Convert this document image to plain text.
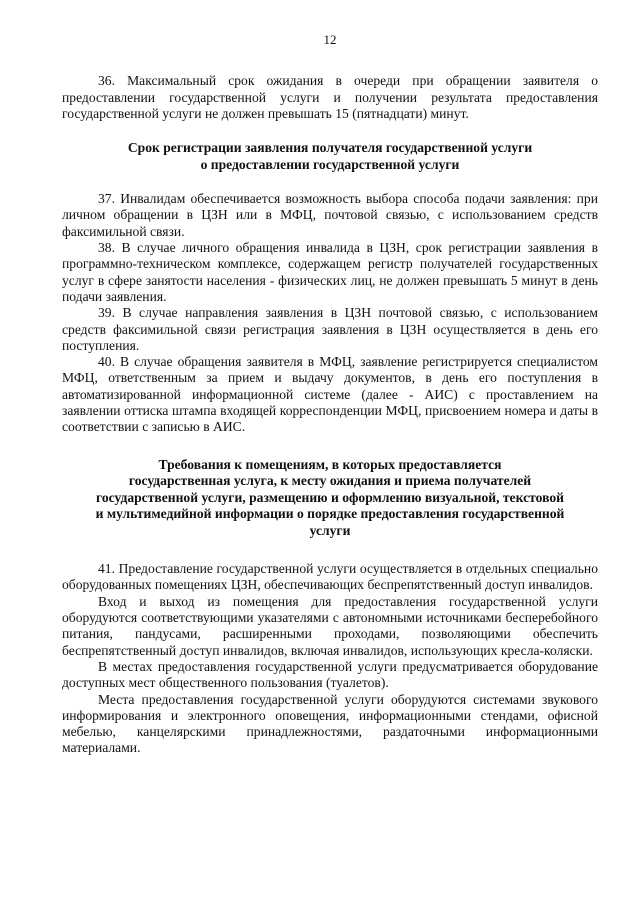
12

36. Максимальный срок ожидания в очереди при обращении заявителя о предоставлении государственной услуги и получении результата предоставления государственной услуги не должен превышать 15 (пятнадцати) минут.

Срок регистрации заявления получателя государственной услуги
о предоставлении государственной услуги

37. Инвалидам обеспечивается возможность выбора способа подачи заявления: при личном обращении в ЦЗН или в МФЦ, почтовой связью, с использованием средств факсимильной связи.

38. В случае личного обращения инвалида в ЦЗН, срок регистрации заявления в программно-техническом комплексе, содержащем регистр получателей государственных услуг в сфере занятости населения - физических лиц, не должен превышать 5 минут в день подачи заявления.

39. В случае направления заявления в ЦЗН почтовой связью, с использованием средств факсимильной связи регистрация заявления в ЦЗН осуществляется в день его поступления.

40. В случае обращения заявителя в МФЦ, заявление регистрируется специалистом МФЦ, ответственным за прием и выдачу документов, в день его поступления в автоматизированной информационной системе (далее - АИС) с проставлением на заявлении оттиска штампа входящей корреспонденции МФЦ, присвоением номера и даты в соответствии с записью в АИС.

Требования к помещениям, в которых предоставляется
государственная услуга, к месту ожидания и приема получателей
государственной услуги, размещению и оформлению визуальной, текстовой
и мультимедийной информации о порядке предоставления государственной
услуги

41. Предоставление государственной услуги осуществляется в отдельных специально оборудованных помещениях ЦЗН, обеспечивающих беспрепятственный доступ инвалидов.

Вход и выход из помещения для предоставления государственной услуги оборудуются соответствующими указателями с автономными источниками бесперебойного питания, пандусами, расширенными проходами, позволяющими обеспечить беспрепятственный доступ инвалидов, включая инвалидов, использующих кресла-коляски.

В местах предоставления государственной услуги предусматривается оборудование доступных мест общественного пользования (туалетов).

Места предоставления государственной услуги оборудуются системами звукового информирования и электронного оповещения, информационными стендами, офисной мебелью, канцелярскими принадлежностями, раздаточными информационными материалами.
